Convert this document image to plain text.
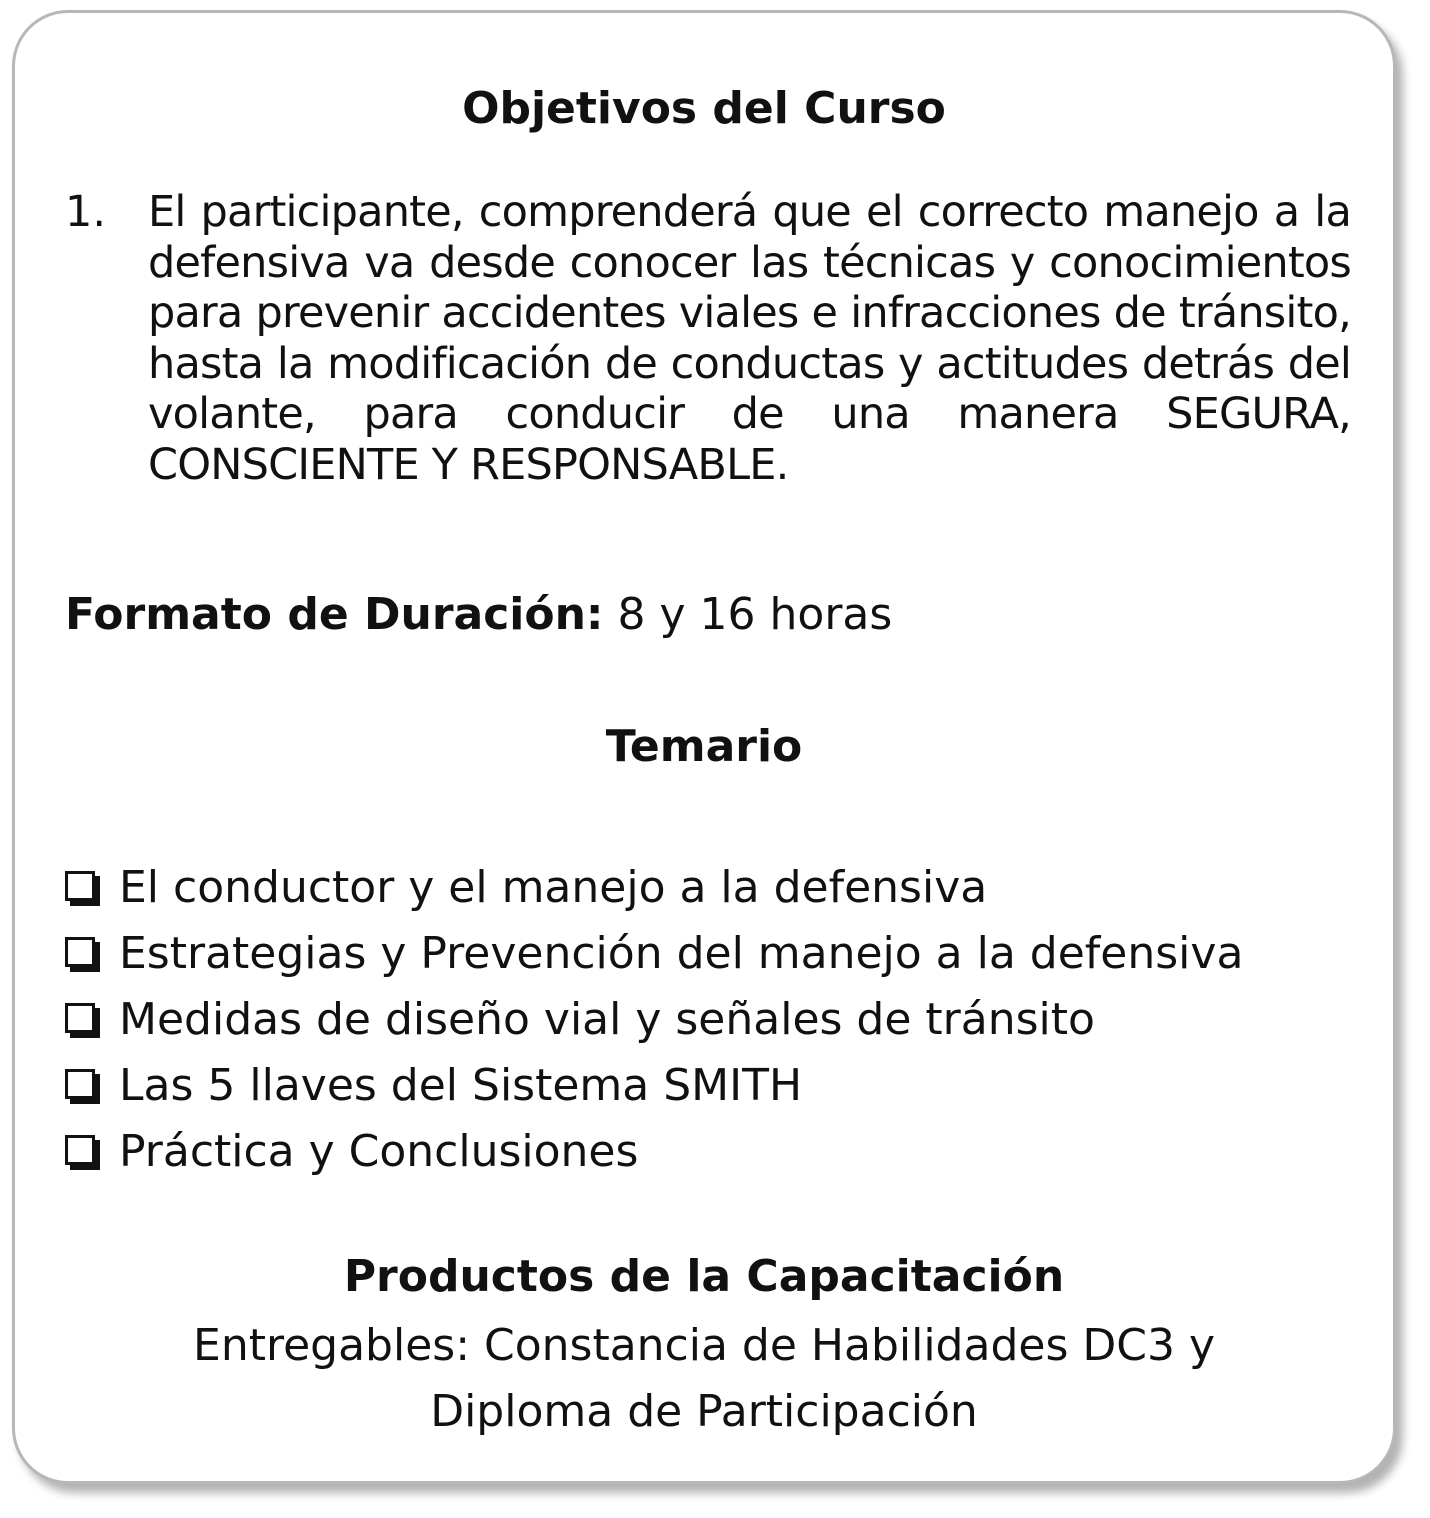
Objetivos del Curso
1. El participante, comprenderá que el correcto manejo a la defensiva va desde conocer las técnicas y conocimientos para prevenir accidentes viales e infracciones de tránsito, hasta la modificación de conductas y actitudes detrás del volante, para conducir de una manera SEGURA, CONSCIENTE Y RESPONSABLE.

Formato de Duración: 8 y 16 horas

Temario
El conductor y el manejo a la defensiva
Estrategias y Prevención del manejo a la defensiva
Medidas de diseño vial y señales de tránsito
Las 5 llaves del Sistema SMITH
Práctica y Conclusiones
Productos de la Capacitación

Entregables: Constancia de Habilidades DC3 y
Diploma de Participación
